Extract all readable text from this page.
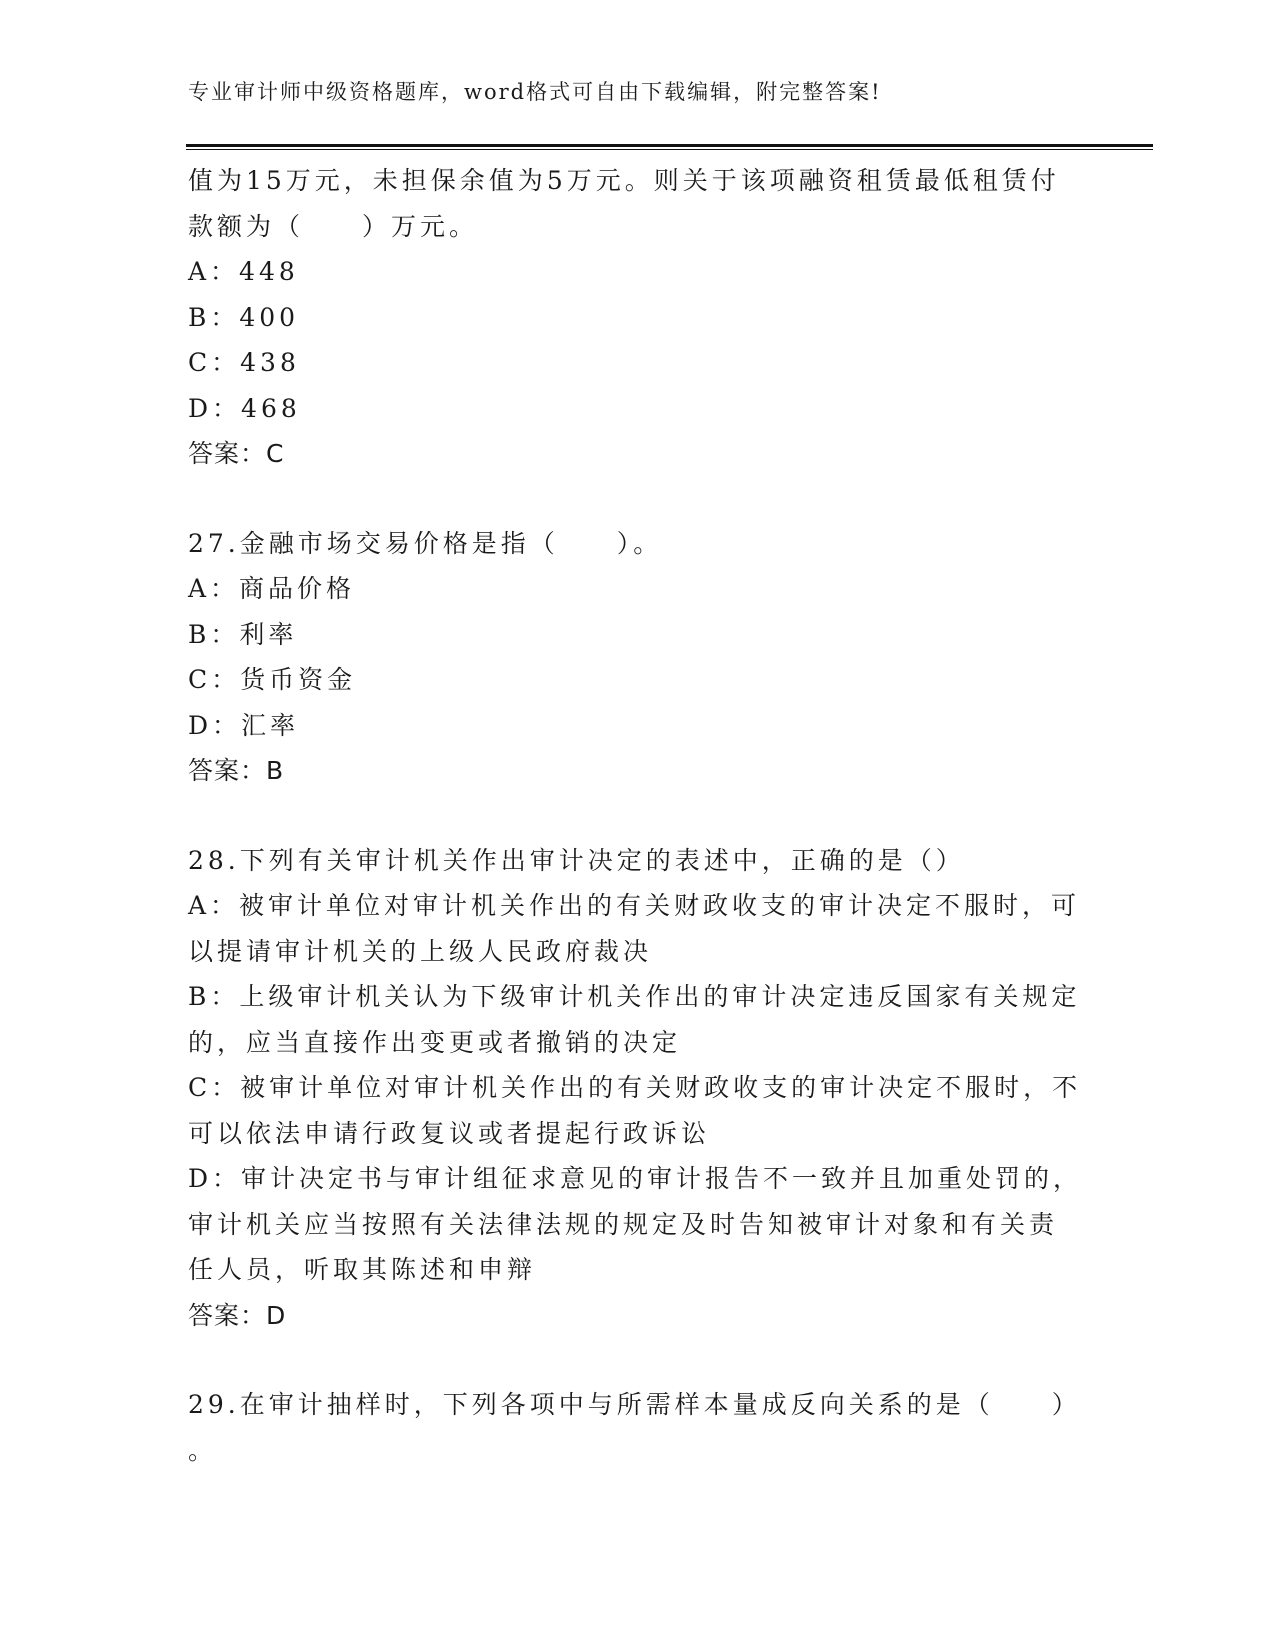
专业审计师中级资格题库，word格式可自由下载编辑，附完整答案!
值为15万元，未担保余值为5万元。则关于该项融资租赁最低租赁付
款额为（　　）万元。
A：448
B：400
C：438
D：468
答案：C
27.金融市场交易价格是指（　　）。
A：商品价格
B：利率
C：货币资金
D：汇率
答案：B
28.下列有关审计机关作出审计决定的表述中，正确的是（）
A：被审计单位对审计机关作出的有关财政收支的审计决定不服时，可
以提请审计机关的上级人民政府裁决
B：上级审计机关认为下级审计机关作出的审计决定违反国家有关规定
的，应当直接作出变更或者撤销的决定
C：被审计单位对审计机关作出的有关财政收支的审计决定不服时，不
可以依法申请行政复议或者提起行政诉讼
D：审计决定书与审计组征求意见的审计报告不一致并且加重处罚的，
审计机关应当按照有关法律法规的规定及时告知被审计对象和有关责
任人员，听取其陈述和申辩
答案：D
29.在审计抽样时，下列各项中与所需样本量成反向关系的是（　　）
。
